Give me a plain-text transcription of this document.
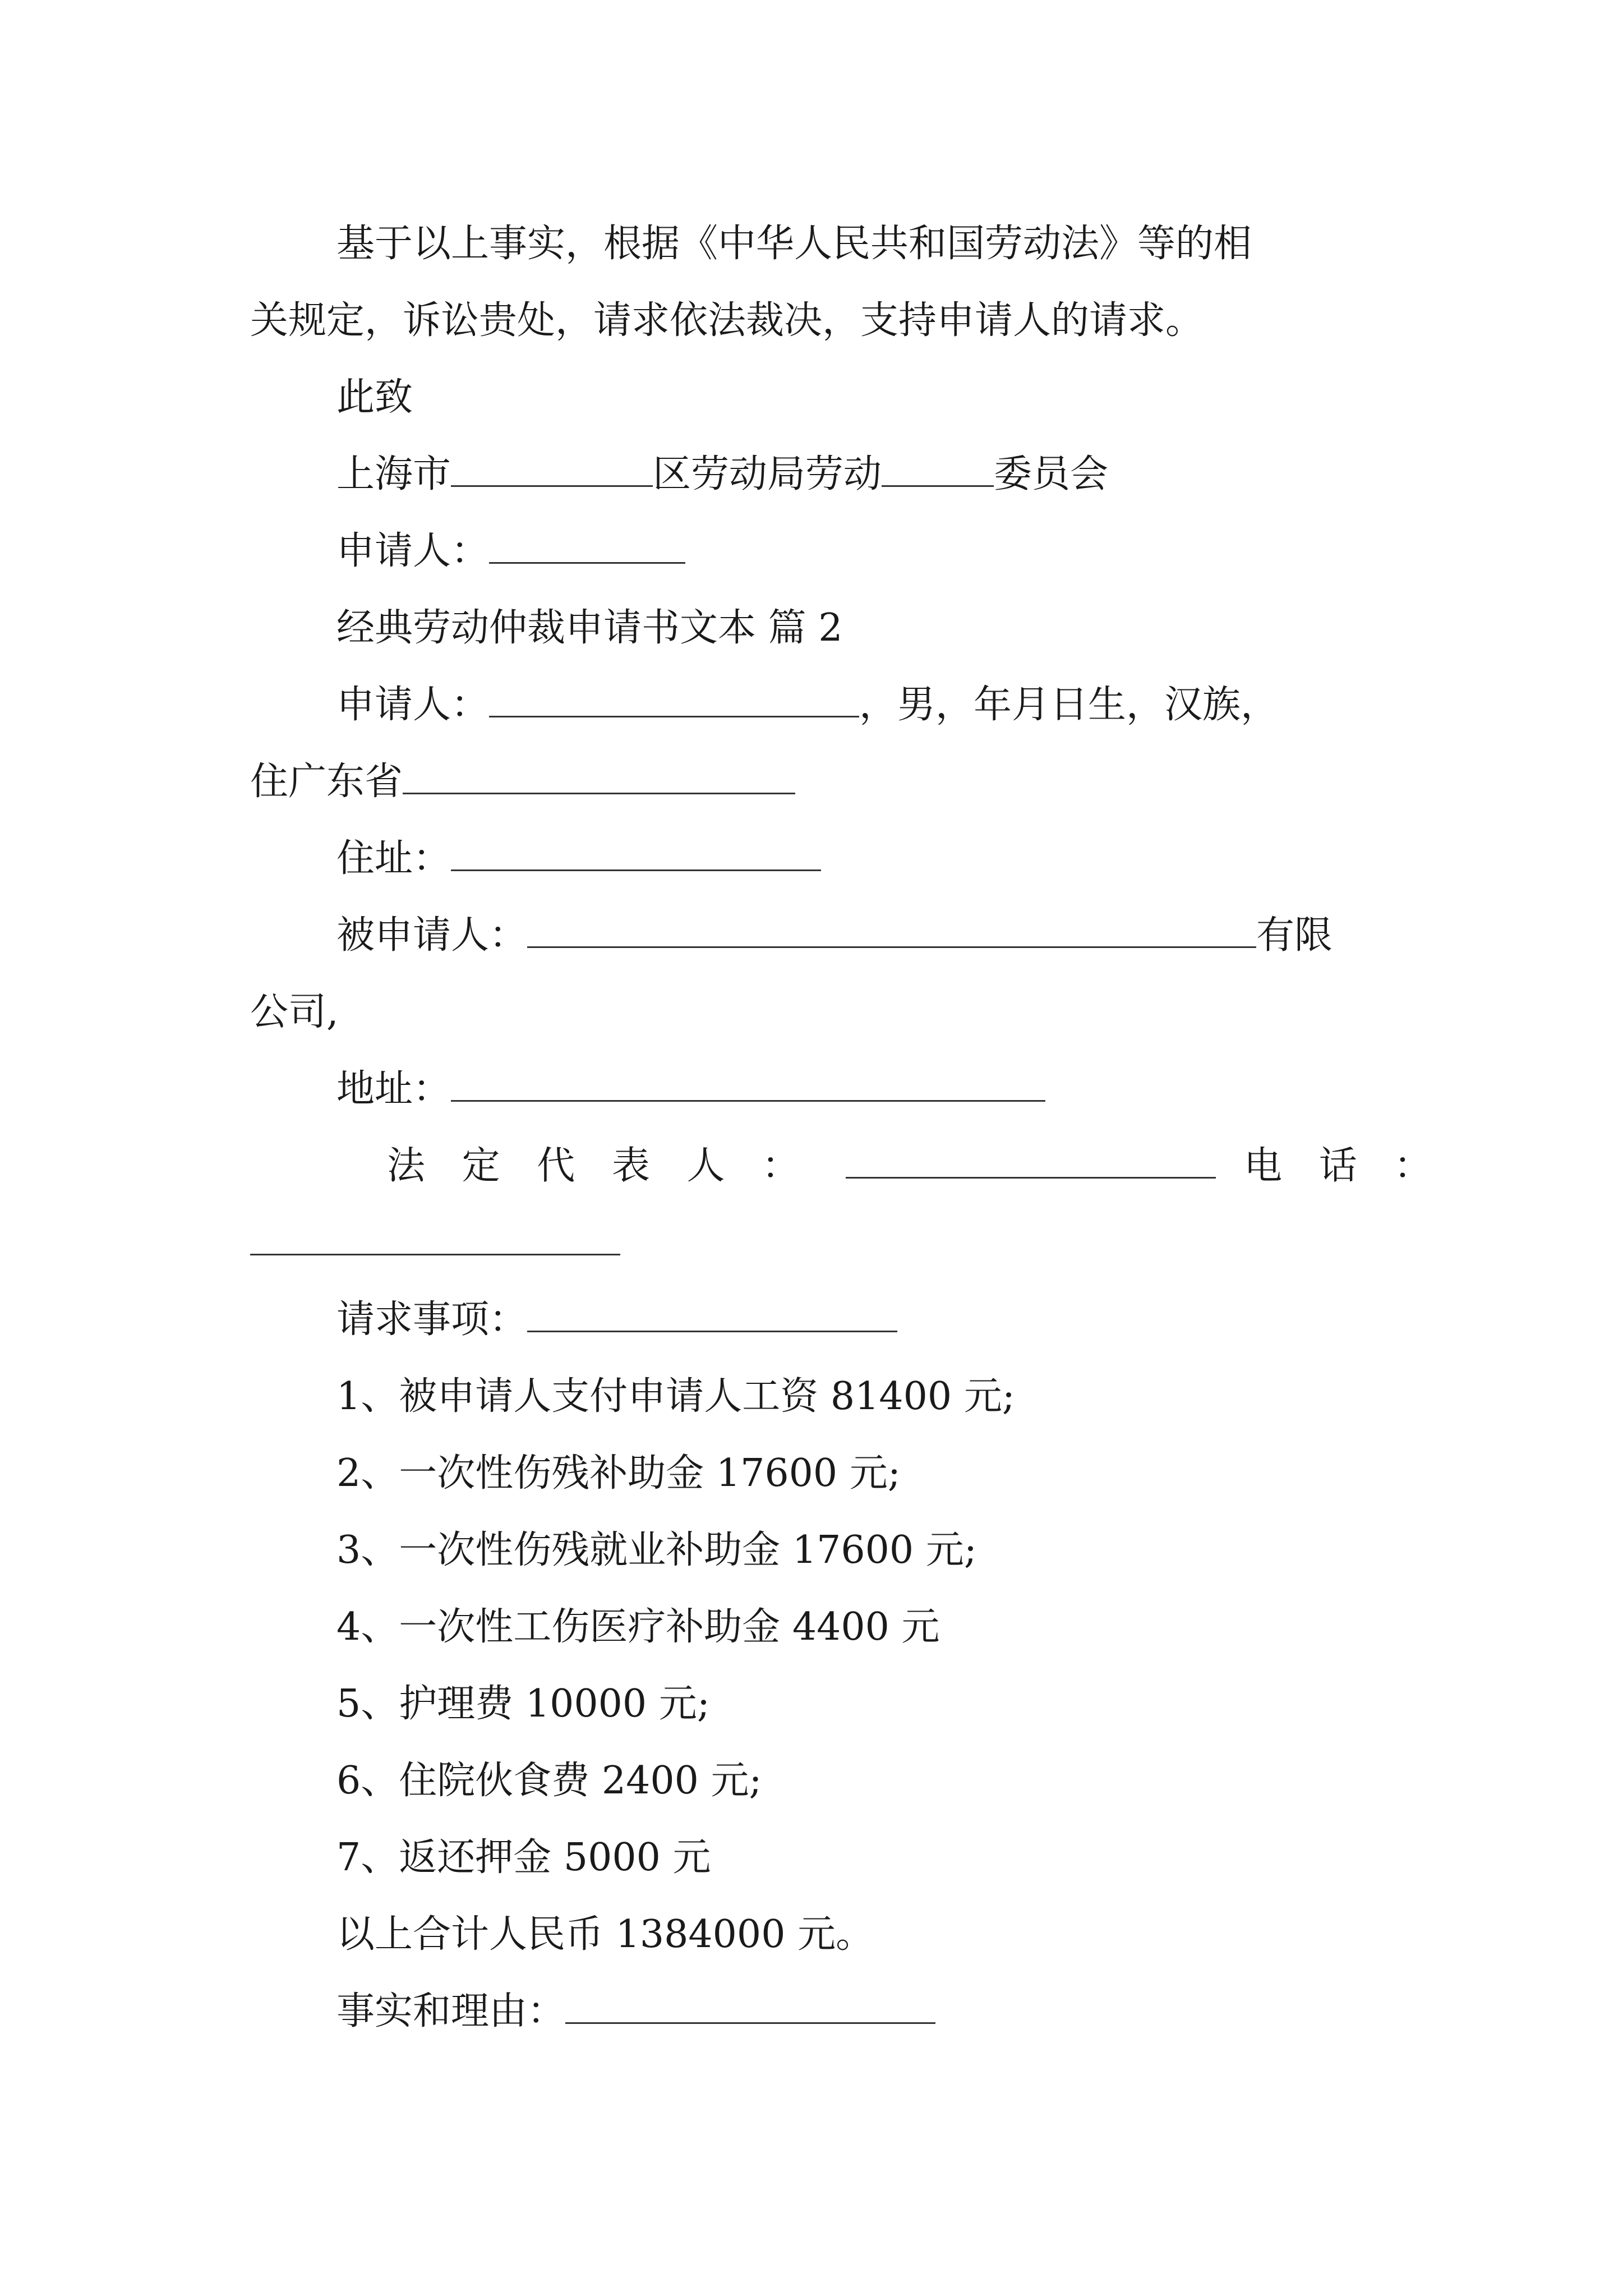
基于以上事实，根据《中华人民共和国劳动法》等的相
关规定，诉讼贵处，请求依法裁决，支持申请人的请求。
此致
上海市	区劳动局劳动	委员会
申请人：
经典劳动仲裁申请书文本 篇 2
申请人：	，男，年月日生，汉族，
住广东省
住址：
被申请人：	有限
公司,
地址：
法 定 代 表 人 ：	电 话 ：
请求事项：
1、被申请人支付申请人工资 81400 元;
2、一次性伤残补助金 17600 元;
3、一次性伤残就业补助金 17600 元;
4、一次性工伤医疗补助金 4400 元
5、护理费 10000 元;
6、住院伙食费 2400 元;
7、返还押金 5000 元
以上合计人民币 1384000 元。
事实和理由：
